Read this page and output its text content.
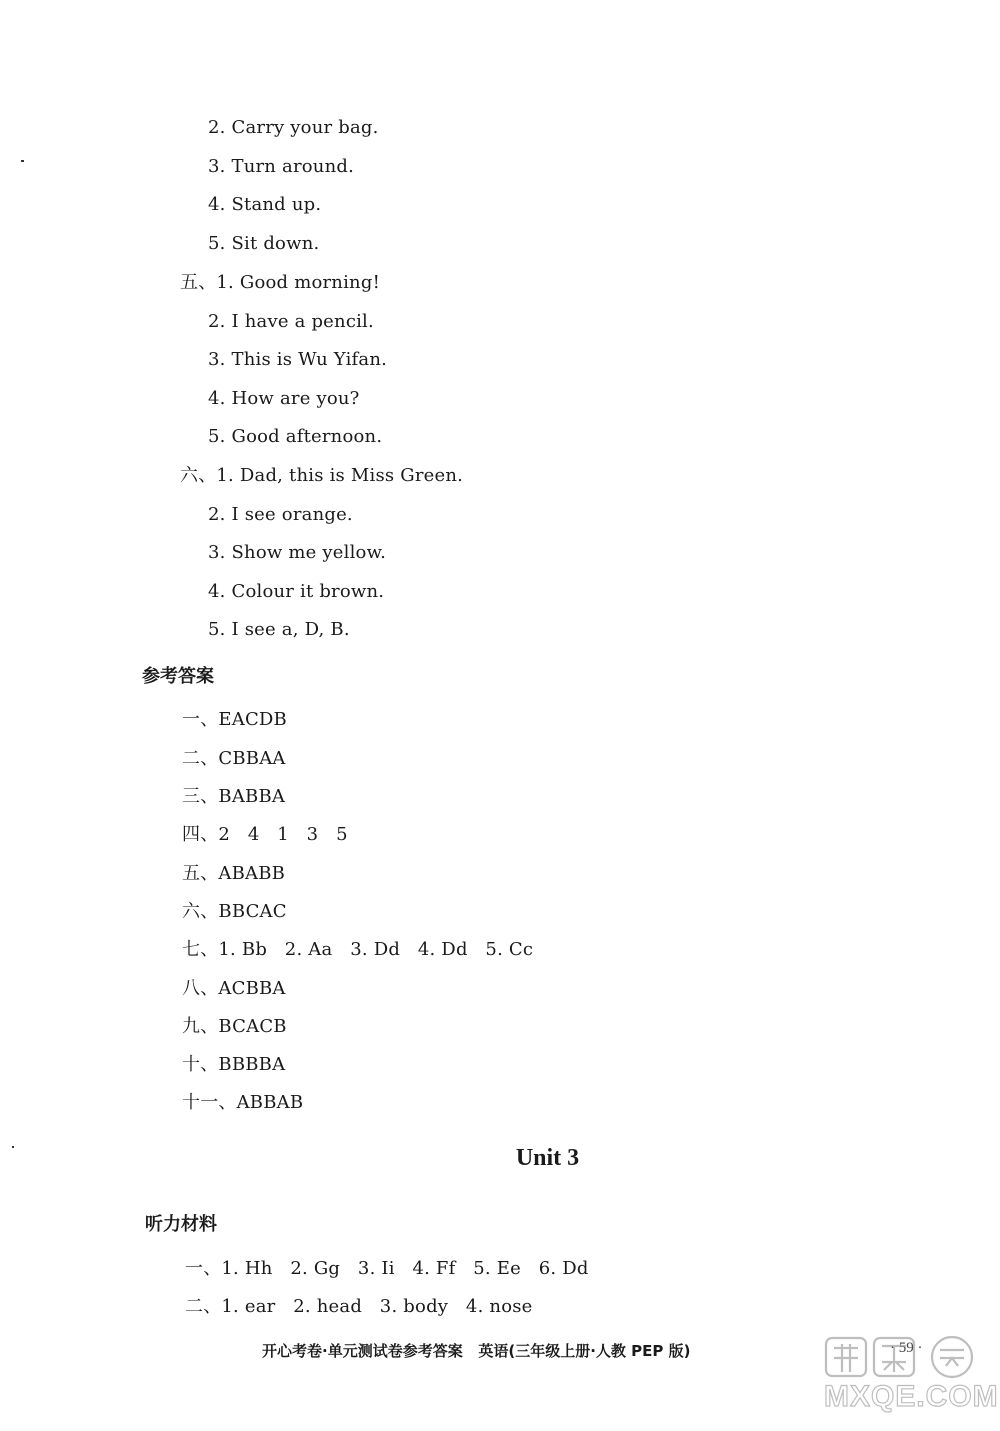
2. Carry your bag.
3. Turn around.
4. Stand up.
5. Sit down.
五、1. Good morning!
2. I have a pencil.
3. This is Wu Yifan.
4. How are you?
5. Good afternoon.
六、1. Dad, this is Miss Green.
2. I see orange.
3. Show me yellow.
4. Colour it brown.
5. I see a, D, B.
参考答案
一、EACDB
二、CBBAA
三、BABBA
四、2   4   1   3   5
五、ABABB
六、BBCAC
七、1. Bb   2. Aa   3. Dd   4. Dd   5. Cc
八、ACBBA
九、BCACB
十、BBBBA
十一、ABBAB
Unit 3
听力材料
一、1. Hh   2. Gg   3. Ii   4. Ff   5. Ee   6. Dd
二、1. ear   2. head   3. body   4. nose
开心考卷·单元测试卷参考答案   英语(三年级上册·人教 PEP 版)	· 59 ·
MXQE.COM
